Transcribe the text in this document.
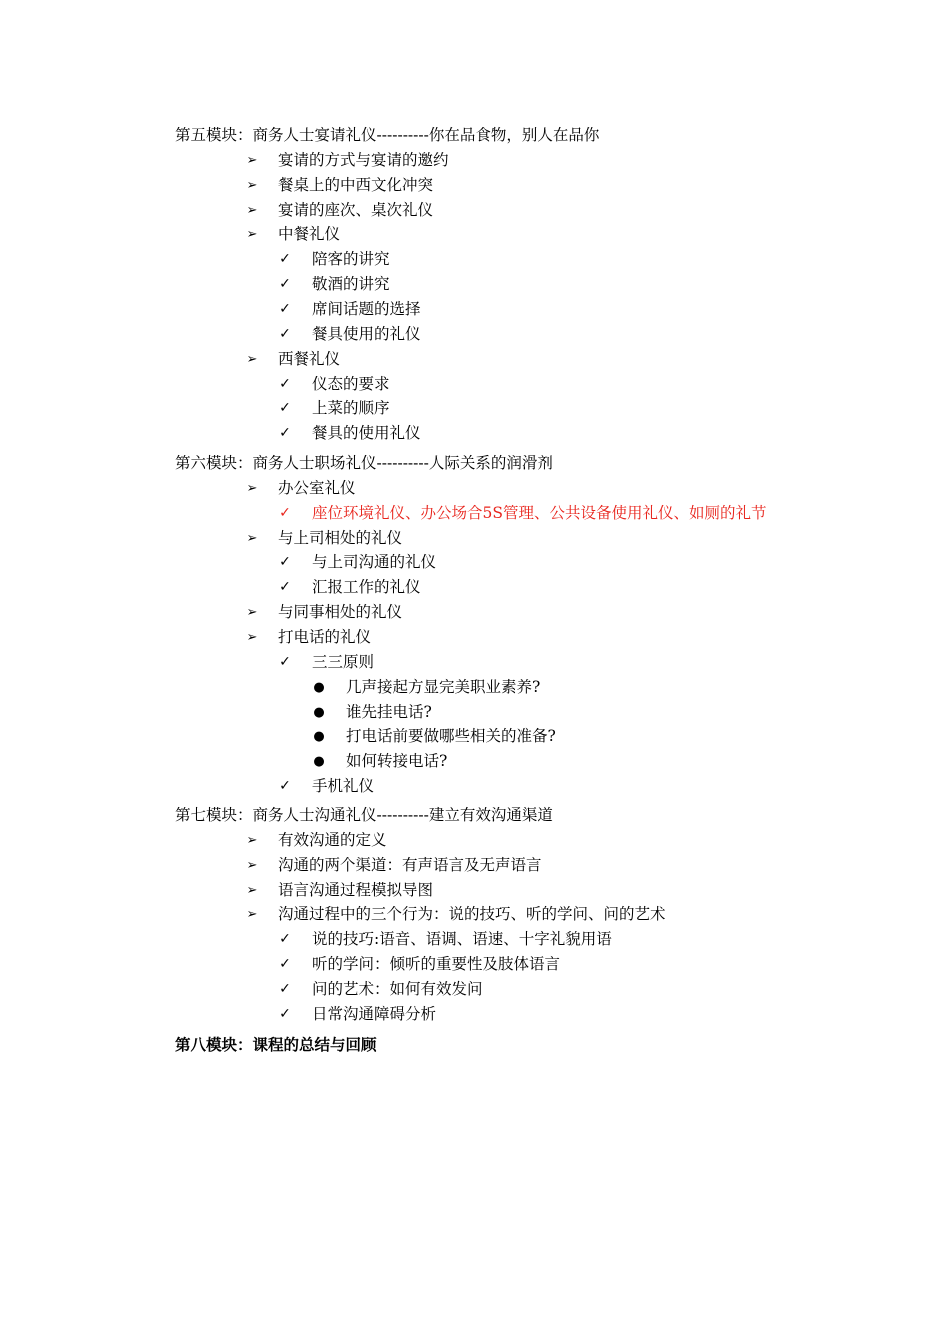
第五模块：商务人士宴请礼仪----------你在品食物，别人在品你
➢ 宴请的方式与宴请的邀约
➢ 餐桌上的中西文化冲突
➢ 宴请的座次、桌次礼仪
➢ 中餐礼仪
✓ 陪客的讲究
✓ 敬酒的讲究
✓ 席间话题的选择
✓ 餐具使用的礼仪
➢ 西餐礼仪
✓ 仪态的要求
✓ 上菜的顺序
✓ 餐具的使用礼仪
第六模块：商务人士职场礼仪----------人际关系的润滑剂
➢ 办公室礼仪
✓ 座位环境礼仪、办公场合5S管理、公共设备使用礼仪、如厕的礼节
➢ 与上司相处的礼仪
✓ 与上司沟通的礼仪
✓ 汇报工作的礼仪
➢ 与同事相处的礼仪
➢ 打电话的礼仪
✓ 三三原则
● 几声接起方显完美职业素养?
● 谁先挂电话?
● 打电话前要做哪些相关的准备?
● 如何转接电话?
✓ 手机礼仪
第七模块：商务人士沟通礼仪----------建立有效沟通渠道
➢ 有效沟通的定义
➢ 沟通的两个渠道：有声语言及无声语言
➢ 语言沟通过程模拟导图
➢ 沟通过程中的三个行为：说的技巧、听的学问、问的艺术
✓ 说的技巧:语音、语调、语速、十字礼貌用语
✓ 听的学问：倾听的重要性及肢体语言
✓ 问的艺术：如何有效发问
✓ 日常沟通障碍分析
第八模块：课程的总结与回顾
